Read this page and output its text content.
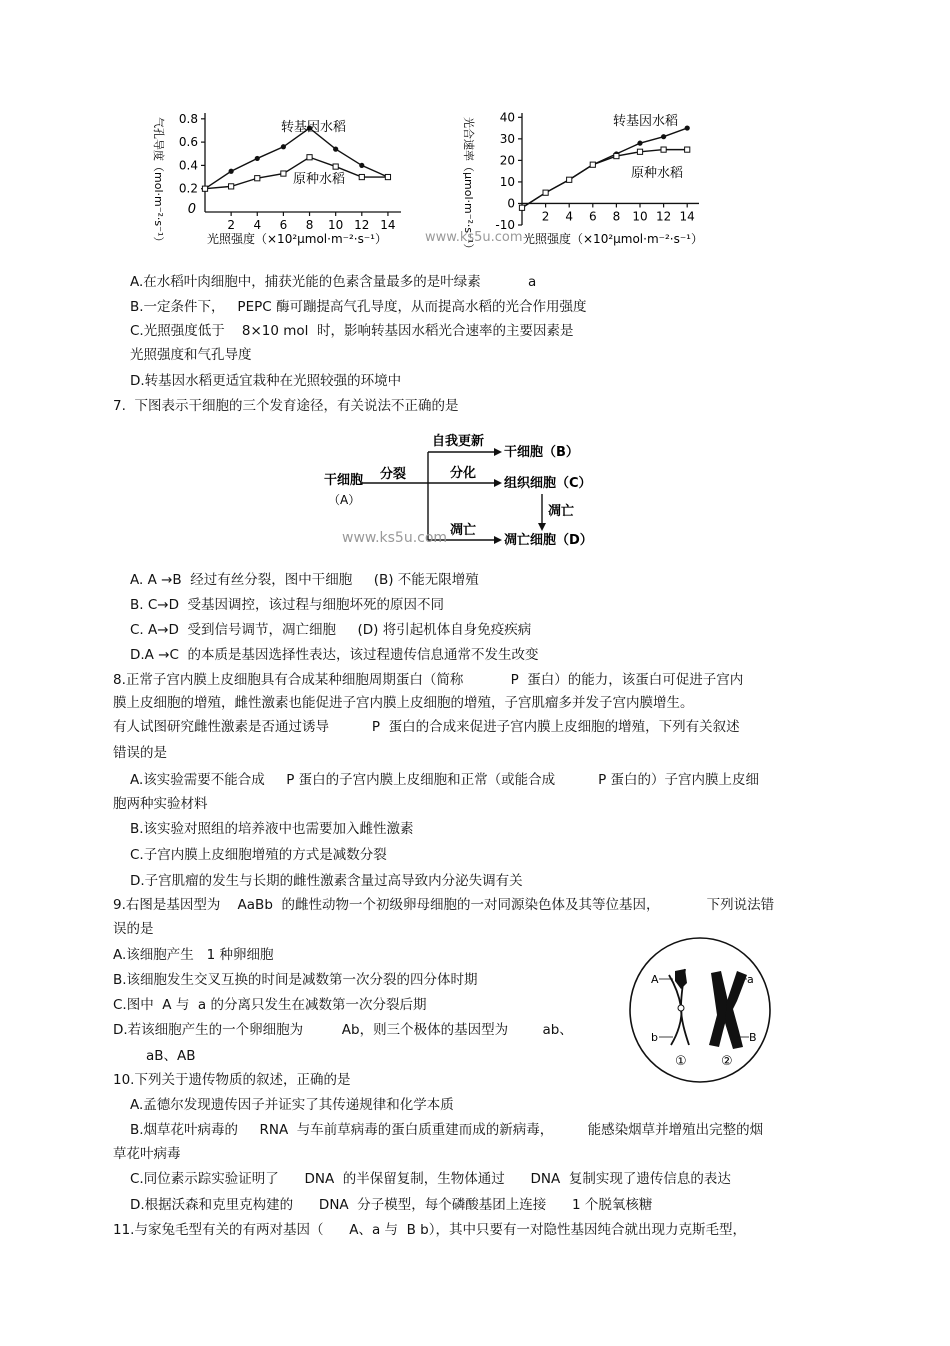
0.2
0.4
0.6
0.8
2 4 6 8 10 12 14
0
气孔导度（mol·m⁻²·s⁻¹）	光照强度（×10²μmol·m⁻²·s⁻¹）
转基因水稻
原种水稻
-10
0
10
20
30
40
2 4 6 8 10 12 14
光合速率（μmol·m⁻²·s⁻¹）	光照强度（×10²μmol·m⁻²·s⁻¹）
转基因水稻
原种水稻
www.ks5u.com
A.在水稻叶肉细胞中，捕获光能的色素含量最多的是叶绿素           a
B.一定条件下，   PEPC 酶可蹦提高气孔导度，从而提高水稻的光合作用强度
C.光照强度低于    8×10 mol  时，影响转基因水稻光合速率的主要因素是
光照强度和气孔导度
D.转基因水稻更适宜栽种在光照较强的环境中
7.  下图表示干细胞的三个发育途径，有关说法不正确的是
干细胞
（A）
分裂
自我更新
分化
凋亡
干细胞（B）
组织细胞（C）
凋亡
凋亡细胞（D）
www.ks5u.com
A. A →B  经过有丝分裂，图中干细胞     (B) 不能无限增殖
B. C→D  受基因调控，该过程与细胞坏死的原因不同
C. A→D  受到信号调节，凋亡细胞     (D) 将引起机体自身免疫疾病
D.A →C  的本质是基因选择性表达，该过程遗传信息通常不发生改变
8.正常子宫内膜上皮细胞具有合成某种细胞周期蛋白（简称           P  蛋白）的能力，该蛋白可促进子宫内
膜上皮细胞的增殖，雌性激素也能促进子宫内膜上皮细胞的增殖，子宫肌瘤多并发子宫内膜增生。
有人试图研究雌性激素是否通过诱导          P  蛋白的合成来促进子宫内膜上皮细胞的增殖，下列有关叙述
错误的是
A.该实验需要不能合成     P 蛋白的子宫内膜上皮细胞和正常（或能合成          P 蛋白的）子宫内膜上皮细
胞两种实验材料
B.该实验对照组的培养液中也需要加入雌性激素
C.子宫内膜上皮细胞增殖的方式是减数分裂
D.子宫肌瘤的发生与长期的雌性激素含量过高导致内分泌失调有关
9.右图是基因型为    AaBb  的雌性动物一个初级卵母细胞的一对同源染色体及其等位基因，           下列说法错
误的是
A.该细胞产生   1 种卵细胞
B.该细胞发生交叉互换的时间是减数第一次分裂的四分体时期
C.图中  A 与  a 的分离只发生在减数第一次分裂后期
D.若该细胞产生的一个卵细胞为         Ab，则三个极体的基因型为        ab、
aB、AB
A	a
b	B
①	②
10.下列关于遗传物质的叙述，正确的是
A.孟德尔发现遗传因子并证实了其传递规律和化学本质
B.烟草花叶病毒的     RNA  与车前草病毒的蛋白质重建而成的新病毒，        能感染烟草并增殖出完整的烟
草花叶病毒
C.同位素示踪实验证明了      DNA  的半保留复制，生物体通过      DNA  复制实现了遗传信息的表达
D.根据沃森和克里克构建的      DNA  分子模型，每个磷酸基团上连接      1 个脱氧核糖
11.与家兔毛型有关的有两对基因（      A、a 与  B b），其中只要有一对隐性基因纯合就出现力克斯毛型，
